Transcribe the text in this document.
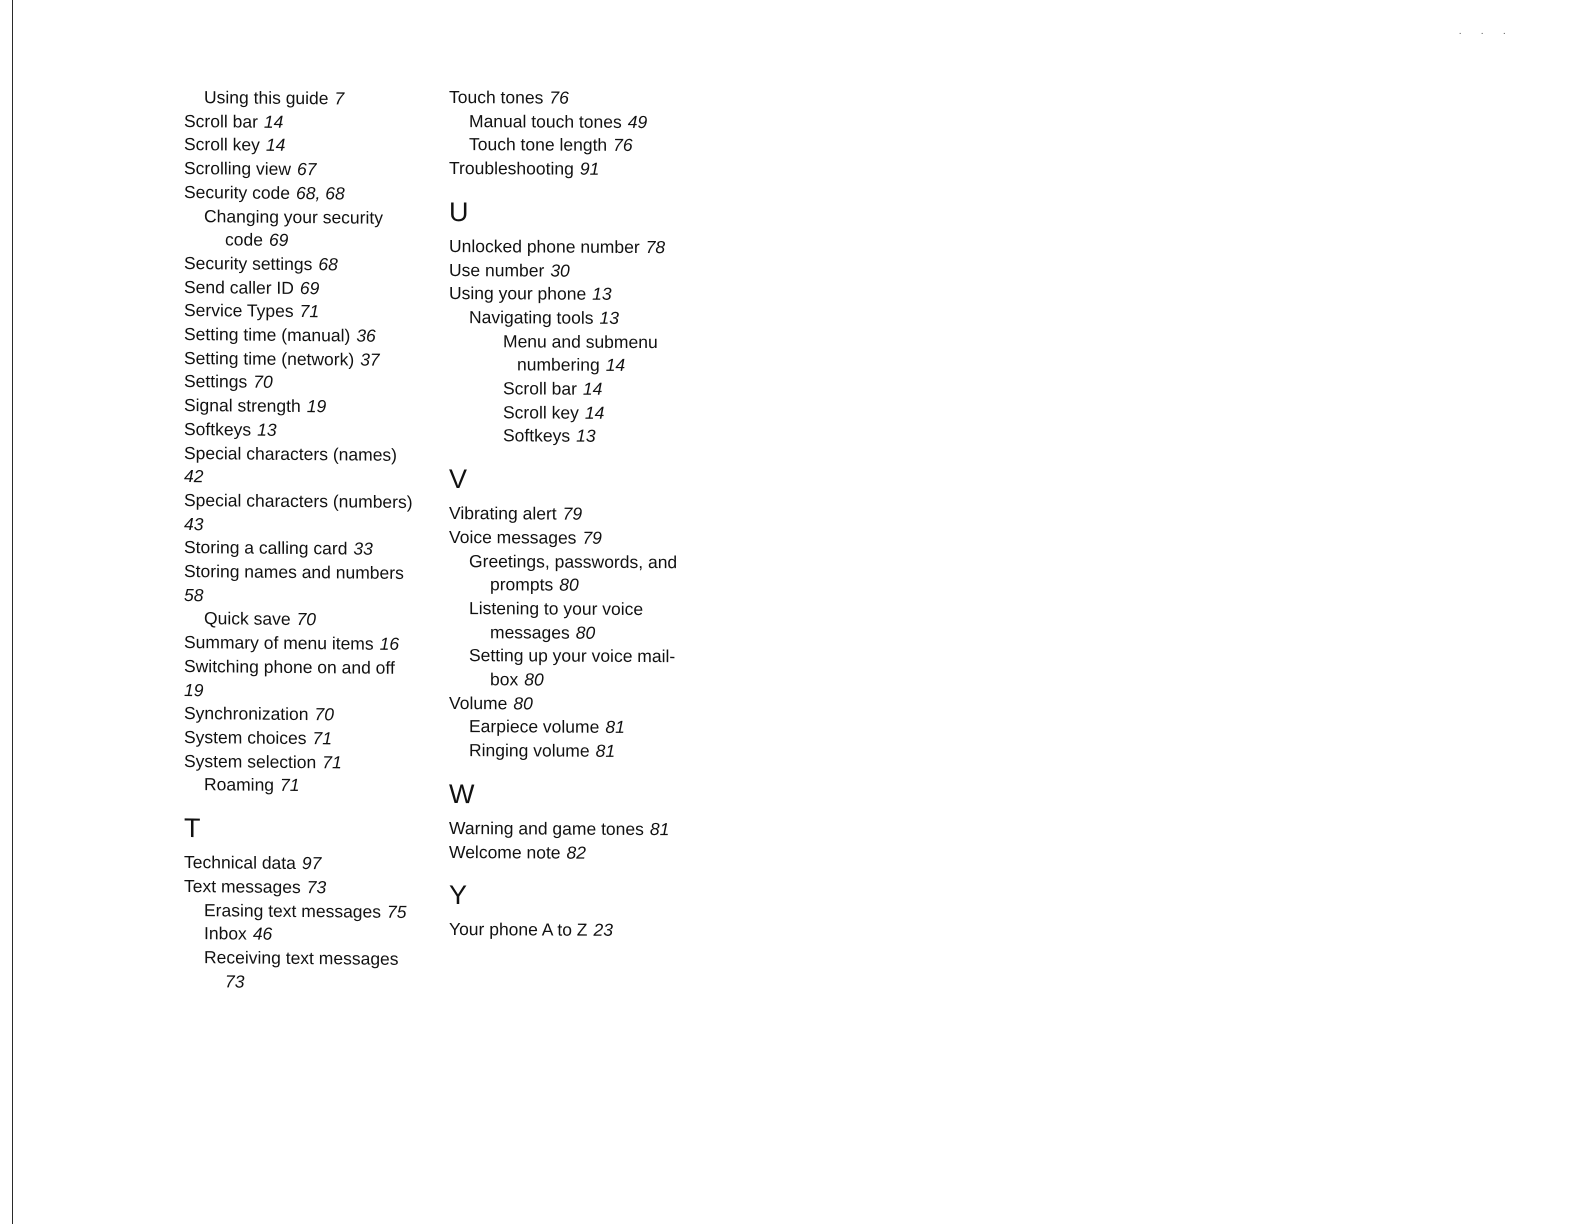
· · ·
Using this guide 7
Scroll bar 14
Scroll key 14
Scrolling view 67
Security code 68, 68
Changing your security
code 69
Security settings 68
Send caller ID 69
Service Types 71
Setting time (manual) 36
Setting time (network) 37
Settings 70
Signal strength 19
Softkeys 13
Special characters (names)
42
Special characters (numbers)
43
Storing a calling card 33
Storing names and numbers
58
Quick save 70
Summary of menu items 16
Switching phone on and off
19
Synchronization 70
System choices 71
System selection 71
Roaming 71
T
Technical data 97
Text messages 73
Erasing text messages 75
Inbox 46
Receiving text messages
73
Touch tones 76
Manual touch tones 49
Touch tone length 76
Troubleshooting 91
U
Unlocked phone number 78
Use number 30
Using your phone 13
Navigating tools 13
Menu and submenu
numbering 14
Scroll bar 14
Scroll key 14
Softkeys 13
V
Vibrating alert 79
Voice messages 79
Greetings, passwords, and
prompts 80
Listening to your voice
messages 80
Setting up your voice mail-
box 80
Volume 80
Earpiece volume 81
Ringing volume 81
W
Warning and game tones 81
Welcome note 82
Y
Your phone A to Z 23
